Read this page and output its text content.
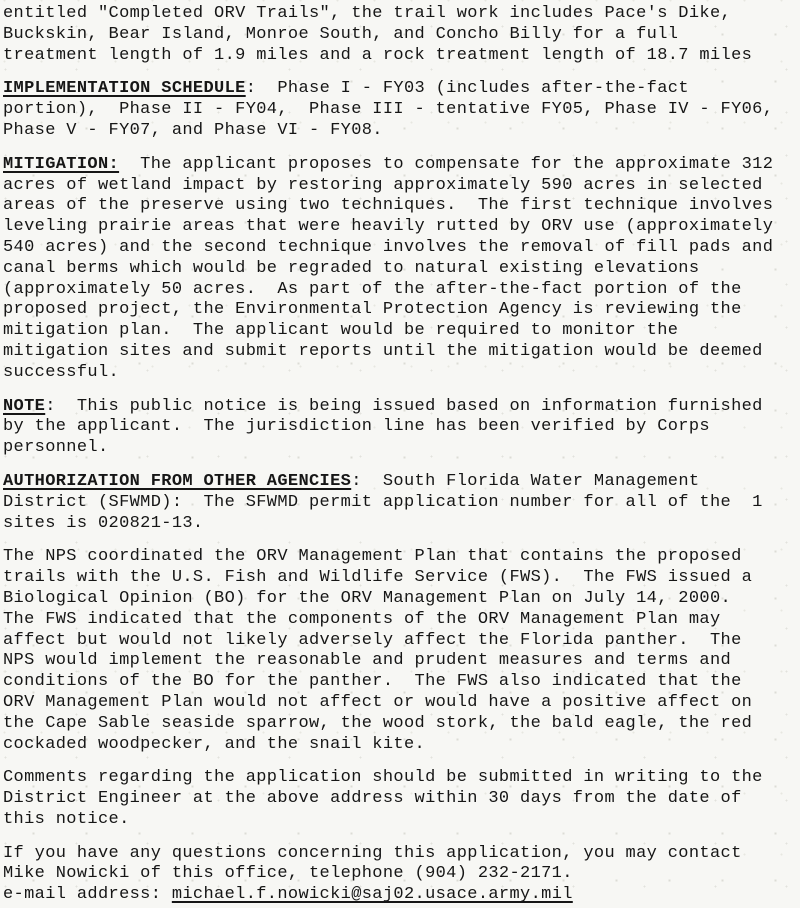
entitled "Completed ORV Trails", the trail work includes Pace's Dike,
Buckskin, Bear Island, Monroe South, and Concho Billy for a full
treatment length of 1.9 miles and a rock treatment length of 18.7 miles
IMPLEMENTATION SCHEDULE:  Phase I - FY03 (includes after-the-fact
portion),  Phase II - FY04,  Phase III - tentative FY05, Phase IV - FY06,
Phase V - FY07, and Phase VI - FY08.
MITIGATION:  The applicant proposes to compensate for the approximate 312
acres of wetland impact by restoring approximately 590 acres in selected
areas of the preserve using two techniques.  The first technique involves
leveling prairie areas that were heavily rutted by ORV use (approximately
540 acres) and the second technique involves the removal of fill pads and
canal berms which would be regraded to natural existing elevations
(approximately 50 acres.  As part of the after-the-fact portion of the
proposed project, the Environmental Protection Agency is reviewing the
mitigation plan.  The applicant would be required to monitor the
mitigation sites and submit reports until the mitigation would be deemed
successful.
NOTE:  This public notice is being issued based on information furnished
by the applicant.  The jurisdiction line has been verified by Corps
personnel.
AUTHORIZATION FROM OTHER AGENCIES:  South Florida Water Management
District (SFWMD):  The SFWMD permit application number for all of the  1
sites is 020821-13.
The NPS coordinated the ORV Management Plan that contains the proposed
trails with the U.S. Fish and Wildlife Service (FWS).  The FWS issued a
Biological Opinion (BO) for the ORV Management Plan on July 14, 2000.
The FWS indicated that the components of the ORV Management Plan may
affect but would not likely adversely affect the Florida panther.  The
NPS would implement the reasonable and prudent measures and terms and
conditions of the BO for the panther.  The FWS also indicated that the
ORV Management Plan would not affect or would have a positive affect on
the Cape Sable seaside sparrow, the wood stork, the bald eagle, the red
cockaded woodpecker, and the snail kite.
Comments regarding the application should be submitted in writing to the
District Engineer at the above address within 30 days from the date of
this notice.
If you have any questions concerning this application, you may contact
Mike Nowicki of this office, telephone (904) 232-2171.
e-mail address: michael.f.nowicki@saj02.usace.army.mil
